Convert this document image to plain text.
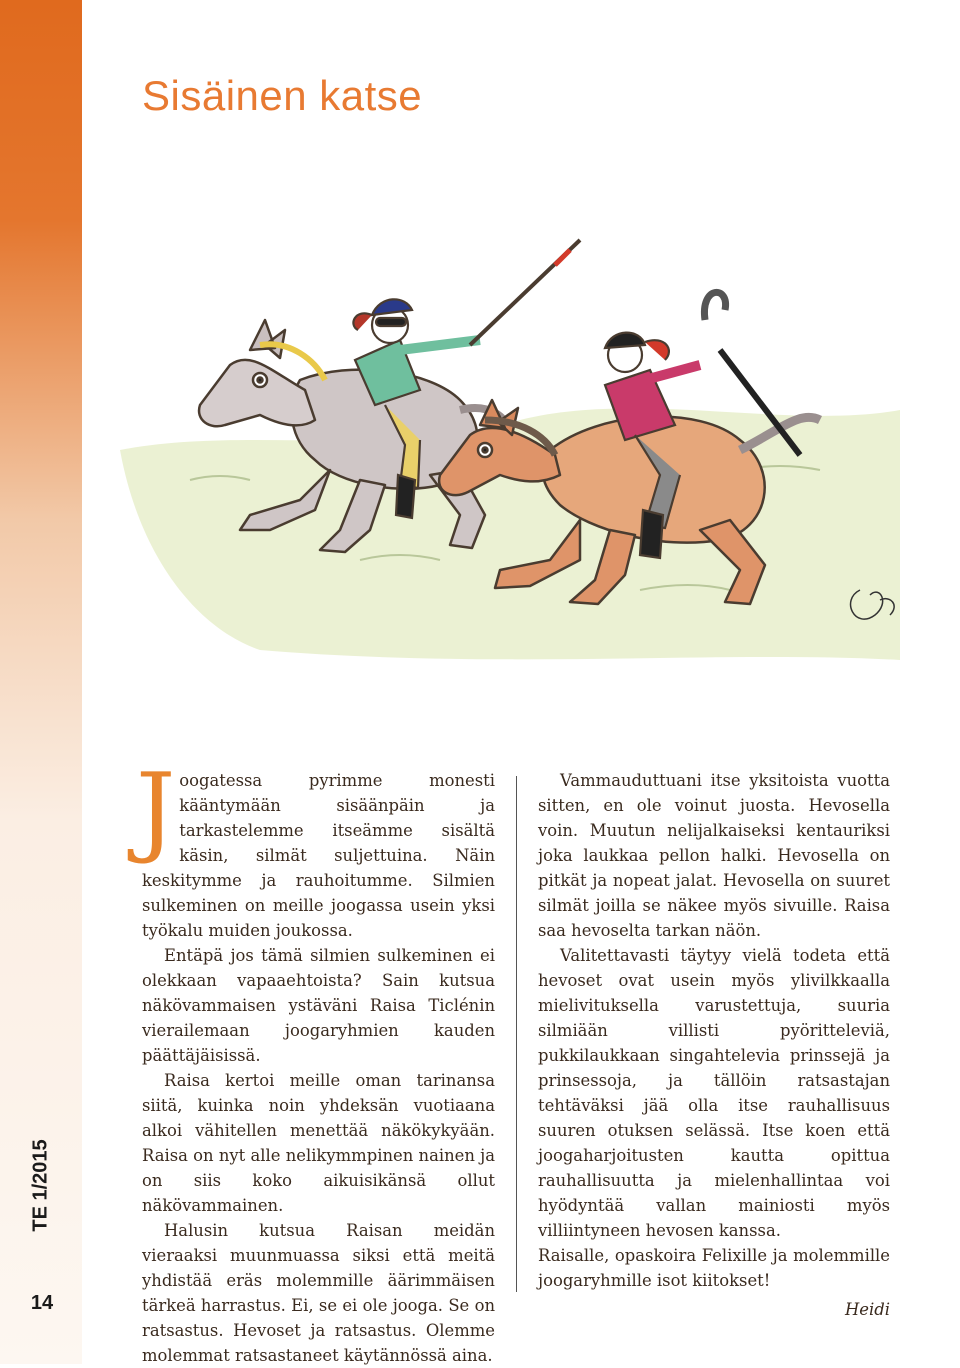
TE 1/2015
14
Sisäinen katse

Joogatessa pyrimme monesti kääntymään sisäänpäin ja tarkastelemme itseämme sisältä käsin, silmät suljettuina. Näin keskitymme ja rauhoitumme. Silmien sulkeminen on meille joogassa usein yksi työkalu muiden joukossa.

Entäpä jos tämä silmien sulkeminen ei olekkaan vapaaehtoista? Sain kutsua näkövammaisen ystäväni Raisa Ticlénin vierailemaan joogaryhmien kauden päättäjäisissä.

Raisa kertoi meille oman tarinansa siitä, kuinka noin yhdeksän vuotiaana alkoi vähitellen menettää näkökykyään. Raisa on nyt alle nelikymmpinen nainen ja on siis koko aikuisikänsä ollut näkövammainen.

Halusin kutsua Raisan meidän vieraaksi muunmuassa siksi että meitä yhdistää eräs molemmille äärimmäisen tärkeä harrastus. Ei, se ei ole jooga. Se on ratsastus. Hevoset ja ratsastus. Olemme molemmat ratsastaneet käytännössä aina.

Vammauduttuani itse yksitoista vuotta sitten, en ole voinut juosta. Hevosella voin. Muutun nelijalkaiseksi kentauriksi joka laukkaa pellon halki. Hevosella on pitkät ja nopeat jalat. Hevosella on suuret silmät joilla se näkee myös sivuille. Raisa saa hevoselta tarkan näön.

Valitettavasti täytyy vielä todeta että hevoset ovat usein myös ylivilkkaalla mielivituksella varustettuja, suuria silmiään villisti pyöritteleviä, pukkilaukkaan singahtelevia prinssejä ja prinsessoja, ja tällöin ratsastajan tehtäväksi jää olla itse rauhallisuus suuren otuksen selässä. Itse koen että joogaharjoitusten kautta opittua rauhallisuutta ja mielenhallintaa voi hyödyntää vallan mainiosti myös villiintyneen hevosen kanssa.

Raisalle, opaskoira Felixille ja molemmille joogaryhmille isot kiitokset!

Heidi
